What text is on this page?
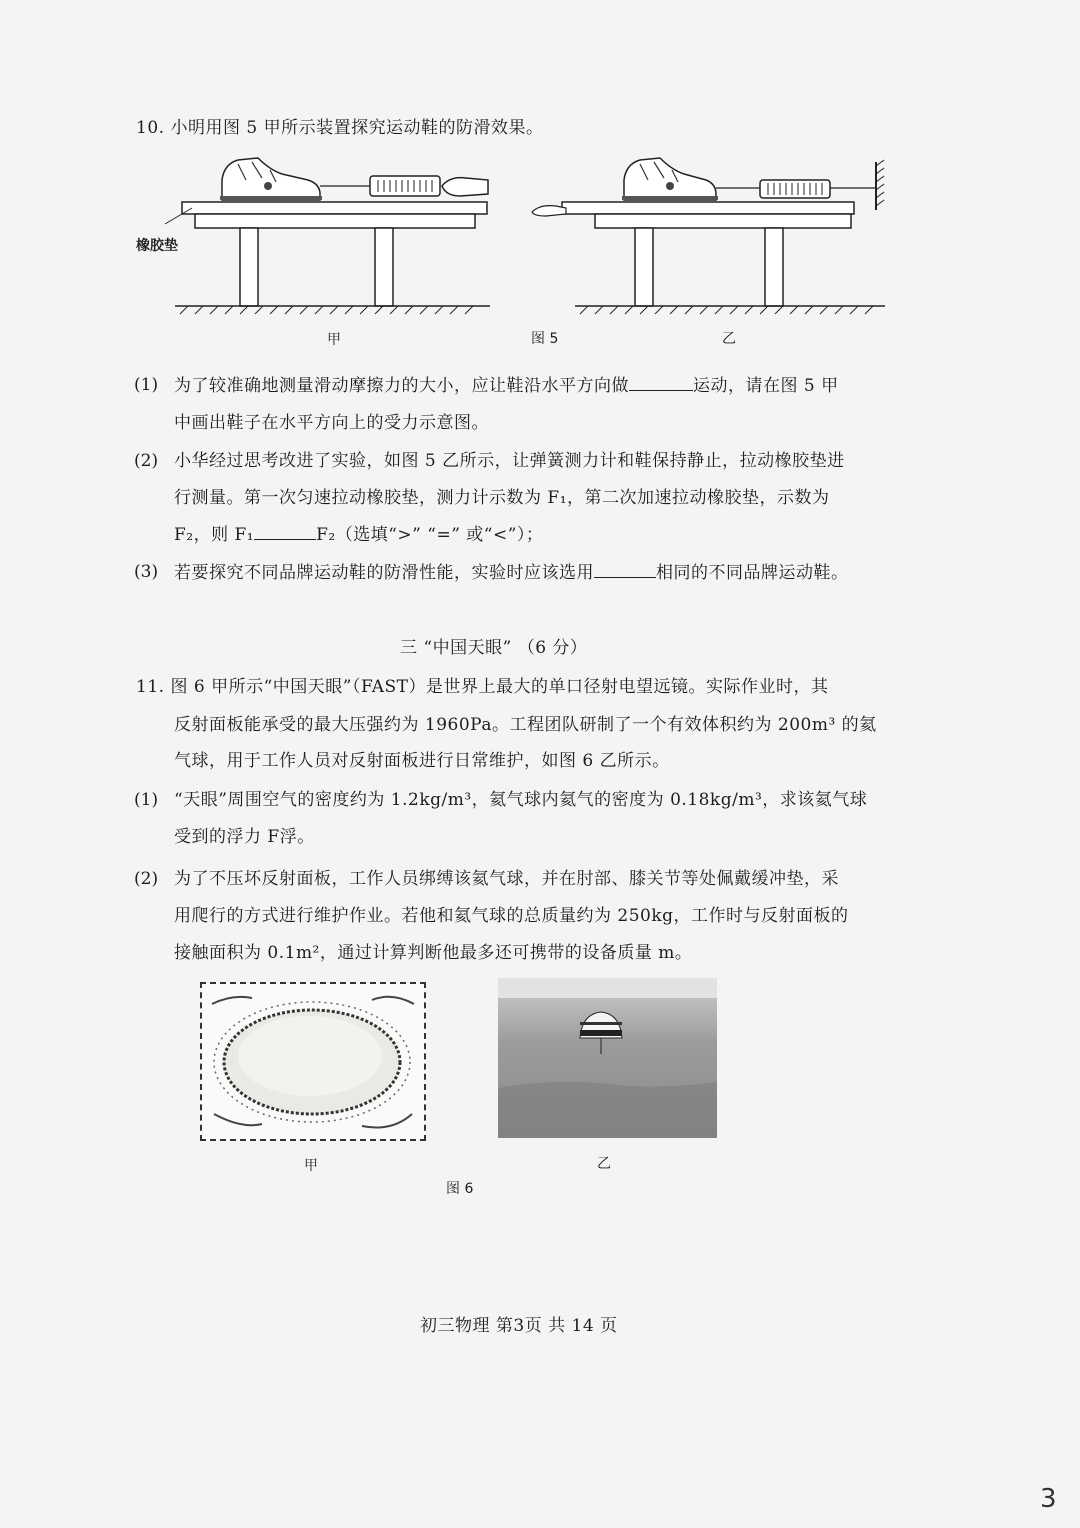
10. 小明用图 5 甲所示装置探究运动鞋的防滑效果。
橡胶垫
甲	图 5	乙
(1) 为了较准确地测量滑动摩擦力的大小，应让鞋沿水平方向做	运动，请在图 5 甲
中画出鞋子在水平方向上的受力示意图。
(2) 小华经过思考改进了实验，如图 5 乙所示，让弹簧测力计和鞋保持静止，拉动橡胶垫进
行测量。第一次匀速拉动橡胶垫，测力计示数为 F₁，第二次加速拉动橡胶垫，示数为
F₂，则 F₁	F₂（选填“>” “=” 或“<”）；
(3) 若要探究不同品牌运动鞋的防滑性能，实验时应该选用	相同的不同品牌运动鞋。
三 “中国天眼” （6 分）
11. 图 6 甲所示“中国天眼”（FAST）是世界上最大的单口径射电望远镜。实际作业时，其
反射面板能承受的最大压强约为 1960Pa。工程团队研制了一个有效体积约为 200m³ 的氦
气球，用于工作人员对反射面板进行日常维护，如图 6 乙所示。
(1) “天眼”周围空气的密度约为 1.2kg/m³，氦气球内氦气的密度为 0.18kg/m³，求该氦气球
受到的浮力 F浮。
(2) 为了不压坏反射面板，工作人员绑缚该氦气球，并在肘部、膝关节等处佩戴缓冲垫，采
用爬行的方式进行维护作业。若他和氦气球的总质量约为 250kg，工作时与反射面板的
接触面积为 0.1m²，通过计算判断他最多还可携带的设备质量 m。
甲	乙
图 6
初三物理 第3页 共 14 页
3
